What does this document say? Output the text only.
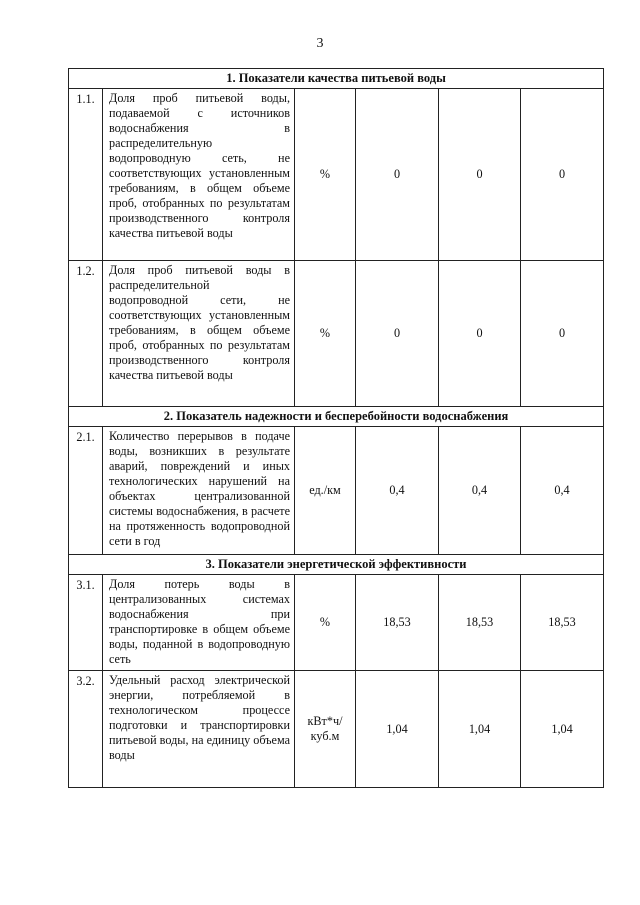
3
1. Показатели качества питьевой воды					
1.1.	Доля проб питьевой воды, подаваемой с источников водоснабжения в распределительную водопроводную сеть, не соответствующих установленным требованиям, в общем объеме проб, отобранных по результатам производственного контроля качества питьевой воды	%	0	0	0
1.2.	Доля проб питьевой воды в распределительной водопроводной сети, не соответствующих установленным требованиям, в общем объеме проб, отобранных по результатам производственного контроля качества питьевой воды	%	0	0	0
2. Показатель надежности и бесперебойности водоснабжения					
2.1.	Количество перерывов в подаче воды, возникших в результате аварий, повреждений и иных технологических нарушений на объектах централизованной системы водоснабжения, в расчете на протяженность водопроводной сети в год	ед./км	0,4	0,4	0,4
3. Показатели энергетической эффективности					
3.1.	Доля потерь воды в централизованных системах водоснабжения при транспортировке в общем объеме воды, поданной в водопроводную сеть	%	18,53	18,53	18,53
3.2.	Удельный расход электрической энергии, потребляемой в технологическом процессе подготовки и транспортировки питьевой воды, на единицу объема воды	кВт*ч/ куб.м	1,04	1,04	1,04
